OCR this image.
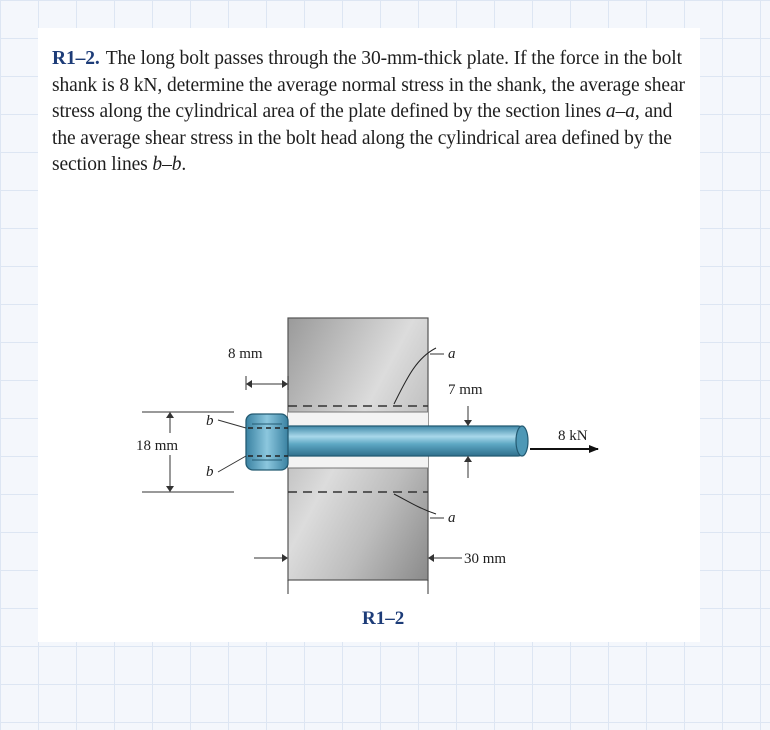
R1–2. The long bolt passes through the 30-mm-thick plate. If the force in the bolt shank is 8 kN, determine the average normal stress in the shank, the average shear stress along the cylindrical area of the plate defined by the section lines a–a, and the average shear stress in the bolt head along the cylindrical area defined by the section lines b–b.
8 mm
18 mm
b
b
a
a
7 mm
30 mm
8 kN
R1–2
